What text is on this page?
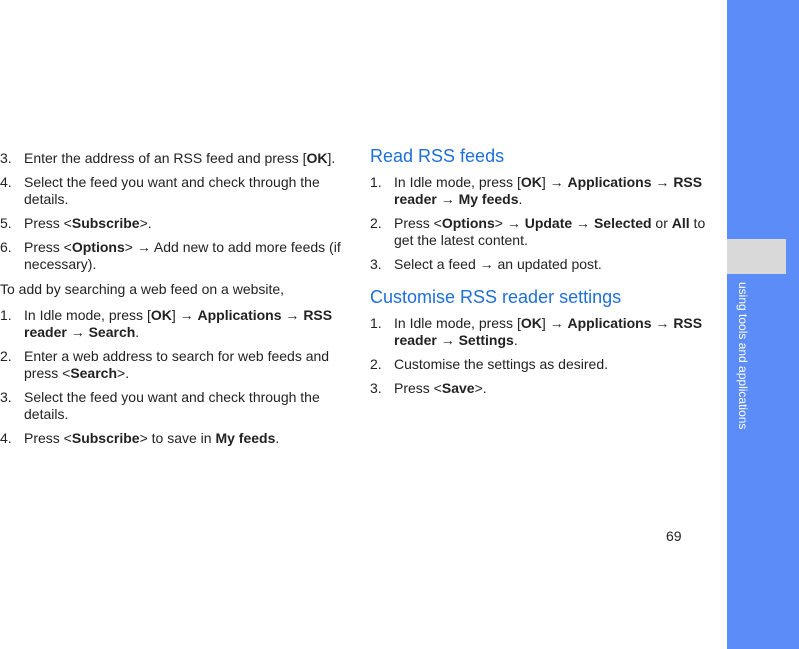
using tools and applications
3. Enter the address of an RSS feed and press [OK].
4. Select the feed you want and check through the details.
5. Press <Subscribe>.
6. Press <Options> → Add new to add more feeds (if necessary).

To add by searching a web feed on a website,

1. In Idle mode, press [OK] → Applications → RSS reader → Search.
2. Enter a web address to search for web feeds and press <Search>.
3. Select the feed you want and check through the details.
4. Press <Subscribe> to save in My feeds.
Read RSS feeds
1. In Idle mode, press [OK] → Applications → RSS reader → My feeds.
2. Press <Options> → Update → Selected or All to get the latest content.
3. Select a feed → an updated post.
Customise RSS reader settings
1. In Idle mode, press [OK] → Applications → RSS reader → Settings.
2. Customise the settings as desired.
3. Press <Save>.
69
